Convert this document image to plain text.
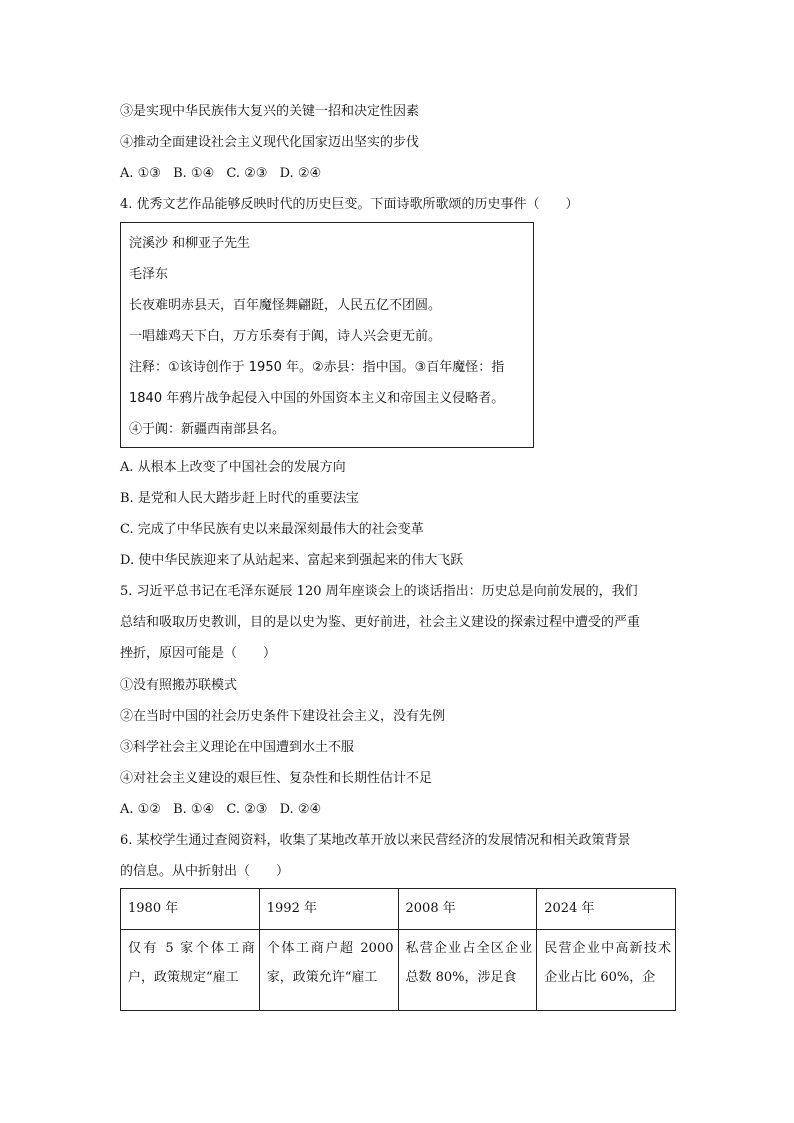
③是实现中华民族伟大复兴的关键一招和决定性因素
④推动全面建设社会主义现代化国家迈出坚实的步伐
A. ①③ B. ①④ C. ②③ D. ②④
4. 优秀文艺作品能够反映时代的历史巨变。下面诗歌所歌颂的历史事件（　　）
浣溪沙 和柳亚子先生
毛泽东
长夜难明赤县天，百年魔怪舞翩跹，人民五亿不团圆。
一唱雄鸡天下白，万方乐奏有于阗，诗人兴会更无前。
注释：①该诗创作于 1950 年。②赤县：指中国。③百年魔怪：指
1840 年鸦片战争起侵入中国的外国资本主义和帝国主义侵略者。
④于阗：新疆西南部县名。
A. 从根本上改变了中国社会的发展方向
B. 是党和人民大踏步赶上时代的重要法宝
C. 完成了中华民族有史以来最深刻最伟大的社会变革
D. 使中华民族迎来了从站起来、富起来到强起来的伟大飞跃
5. 习近平总书记在毛泽东诞辰 120 周年座谈会上的谈话指出：历史总是向前发展的，我们
总结和吸取历史教训，目的是以史为鉴、更好前进，社会主义建设的探索过程中遭受的严重
挫折，原因可能是（　　）
①没有照搬苏联模式
②在当时中国的社会历史条件下建设社会主义，没有先例
③科学社会主义理论在中国遭到水土不服
④对社会主义建设的艰巨性、复杂性和长期性估计不足
A. ①② B. ①④ C. ②③ D. ②④
6. 某校学生通过查阅资料，收集了某地改革开放以来民营经济的发展情况和相关政策背景
的信息。从中折射出（　　）
1980 年	1992 年	2008 年	2024 年
仅有 5 家个体工商户，政策规定“雇工	个体工商户超 2000 家，政策允许“雇工	私营企业占全区企业总数 80%，涉足食	民营企业中高新技术企业占比 60%，企
